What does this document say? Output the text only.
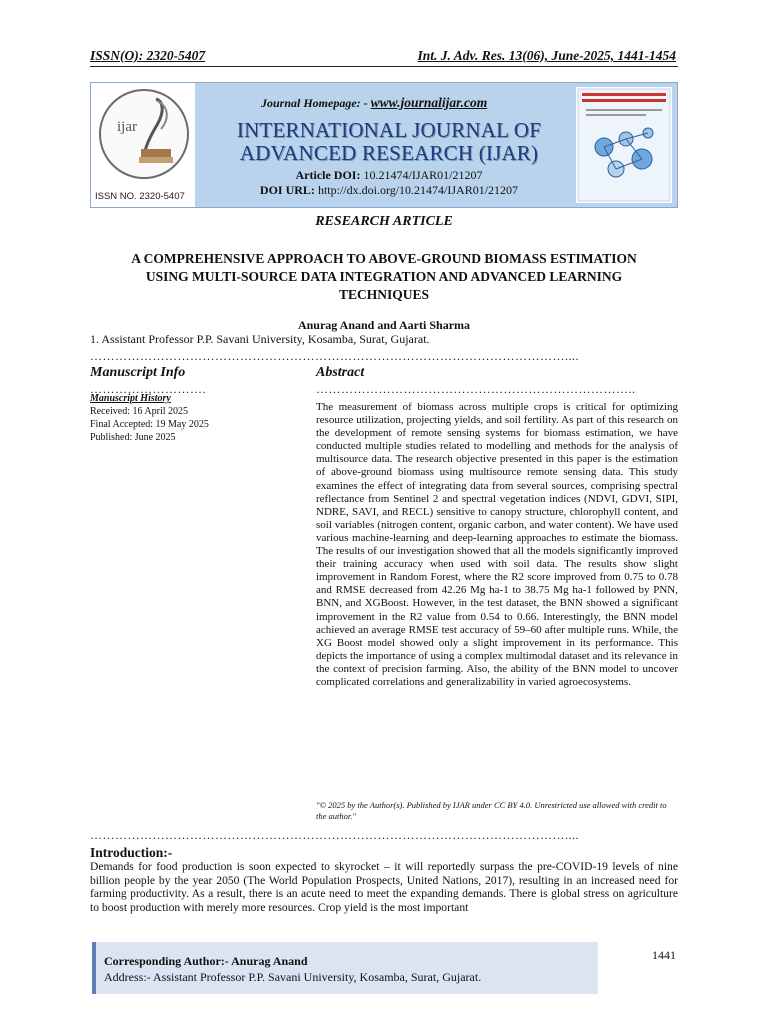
ISSN(O): 2320-5407	Int. J. Adv. Res. 13(06), June-2025, 1441-1454
ijar
ISSN NO. 2320-5407
Journal Homepage: - www.journalijar.com
INTERNATIONAL JOURNAL OF
ADVANCED RESEARCH (IJAR)
Article DOI: 10.21474/IJAR01/21207
DOI URL: http://dx.doi.org/10.21474/IJAR01/21207
RESEARCH ARTICLE
A COMPREHENSIVE APPROACH TO ABOVE-GROUND BIOMASS ESTIMATION
USING MULTI-SOURCE DATA INTEGRATION AND ADVANCED LEARNING
TECHNIQUES
Anurag Anand and Aarti Sharma
1. Assistant Professor P.P. Savani University, Kosamba, Surat, Gujarat.
……………………………………………………………………………………………………....
Manuscript Info	Abstract
……………………….	…………………………………………………………………..
Manuscript History
Received: 16 April 2025
Final Accepted: 19 May 2025
Published: June 2025
The measurement of biomass across multiple crops is critical for optimizing resource utilization, projecting yields, and soil fertility. As part of this research on the development of remote sensing systems for biomass estimation, we have conducted multiple studies related to modelling and methods for the analysis of multisource data. The research objective presented in this paper is the estimation of above-ground biomass using multisource remote sensing data. This study examines the effect of integrating data from several sources, comprising spectral reflectance from Sentinel 2 and spectral vegetation indices (NDVI, GDVI, SIPI, NDRE, SAVI, and RECL) sensitive to canopy structure, chlorophyll content, and soil variables (nitrogen content, organic carbon, and water content). We have used various machine-learning and deep-learning approaches to estimate the biomass. The results of our investigation showed that all the models significantly improved their training accuracy when used with soil data. The results show slight improvement in Random Forest, where the R2 score improved from 0.75 to 0.78 and RMSE decreased from 42.26 Mg ha-1 to 38.75 Mg ha-1 followed by PNN, BNN, and XGBoost. However, in the test dataset, the BNN showed a significant improvement in the R2 value from 0.54 to 0.66. Interestingly, the BNN model achieved an average RMSE test accuracy of 59–60 after multiple runs. While, the XG Boost model showed only a slight improvement in its performance. This depicts the importance of using a complex multimodal dataset and its relevance in the context of precision farming. Also, the ability of the BNN model to uncover complicated correlations and generalizability in varied agroecosystems.
"© 2025 by the Author(s). Published by IJAR under CC BY 4.0. Unrestricted use allowed with credit to the author."
……………………………………………………………………………………………………....
Introduction:-
Demands for food production is soon expected to skyrocket – it will reportedly surpass the pre-COVID-19 levels of nine billion people by the year 2050 (The World Population Prospects, United Nations, 2017), resulting in an increased need for farming productivity. As a result, there is an acute need to meet the expanding demands. There is global stress on agriculture to boost production with merely more resources. Crop yield is the most important
Corresponding Author:- Anurag Anand
Address:- Assistant Professor P.P. Savani University, Kosamba, Surat, Gujarat.
1441
